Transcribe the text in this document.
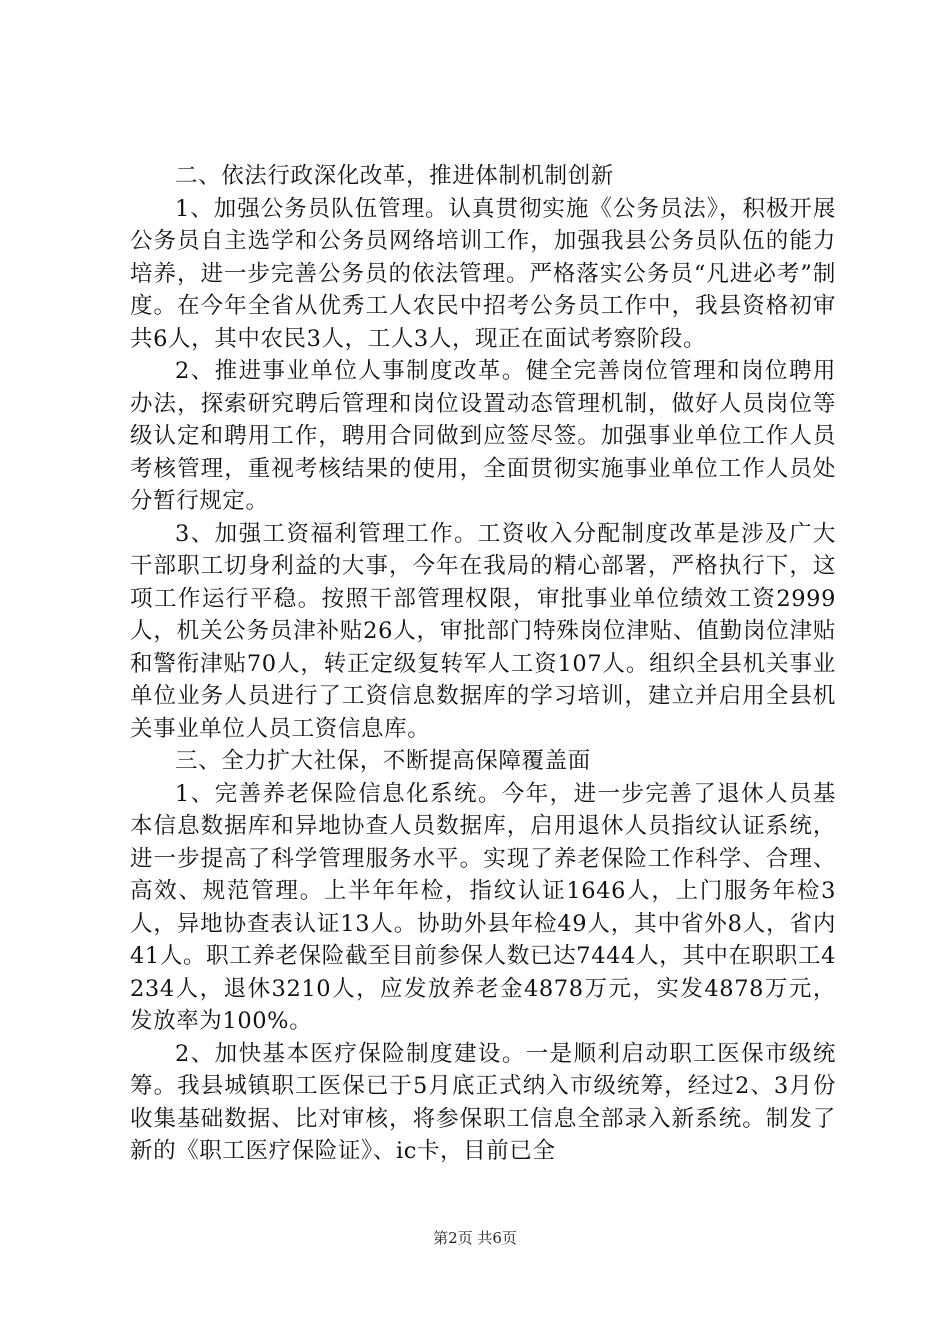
二、依法行政深化改革，推进体制机制创新

1、加强公务员队伍管理。认真贯彻实施《公务员法》，积极开展公务员自主选学和公务员网络培训工作，加强我县公务员队伍的能力培养，进一步完善公务员的依法管理。严格落实公务员“凡进必考”制度。在今年全省从优秀工人农民中招考公务员工作中，我县资格初审共6人，其中农民3人，工人3人，现正在面试考察阶段。

2、推进事业单位人事制度改革。健全完善岗位管理和岗位聘用办法，探索研究聘后管理和岗位设置动态管理机制，做好人员岗位等级认定和聘用工作，聘用合同做到应签尽签。加强事业单位工作人员考核管理，重视考核结果的使用，全面贯彻实施事业单位工作人员处分暂行规定。

3、加强工资福利管理工作。工资收入分配制度改革是涉及广大干部职工切身利益的大事，今年在我局的精心部署，严格执行下，这项工作运行平稳。按照干部管理权限，审批事业单位绩效工资2999人，机关公务员津补贴26人，审批部门特殊岗位津贴、值勤岗位津贴和警衔津贴70人，转正定级复转军人工资107人。组织全县机关事业单位业务人员进行了工资信息数据库的学习培训，建立并启用全县机关事业单位人员工资信息库。

三、全力扩大社保，不断提高保障覆盖面

1、完善养老保险信息化系统。今年，进一步完善了退休人员基本信息数据库和异地协查人员数据库，启用退休人员指纹认证系统，进一步提高了科学管理服务水平。实现了养老保险工作科学、合理、高效、规范管理。上半年年检，指纹认证1646人，上门服务年检3人，异地协查表认证13人。协助外县年检49人，其中省外8人，省内41人。职工养老保险截至目前参保人数已达7444人，其中在职职工4234人，退休3210人，应发放养老金4878万元，实发4878万元，发放率为100%。

2、加快基本医疗保险制度建设。一是顺利启动职工医保市级统筹。我县城镇职工医保已于5月底正式纳入市级统筹，经过2、3月份收集基础数据、比对审核，将参保职工信息全部录入新系统。制发了新的《职工医疗保险证》、ic卡，目前已全

第2页 共6页
